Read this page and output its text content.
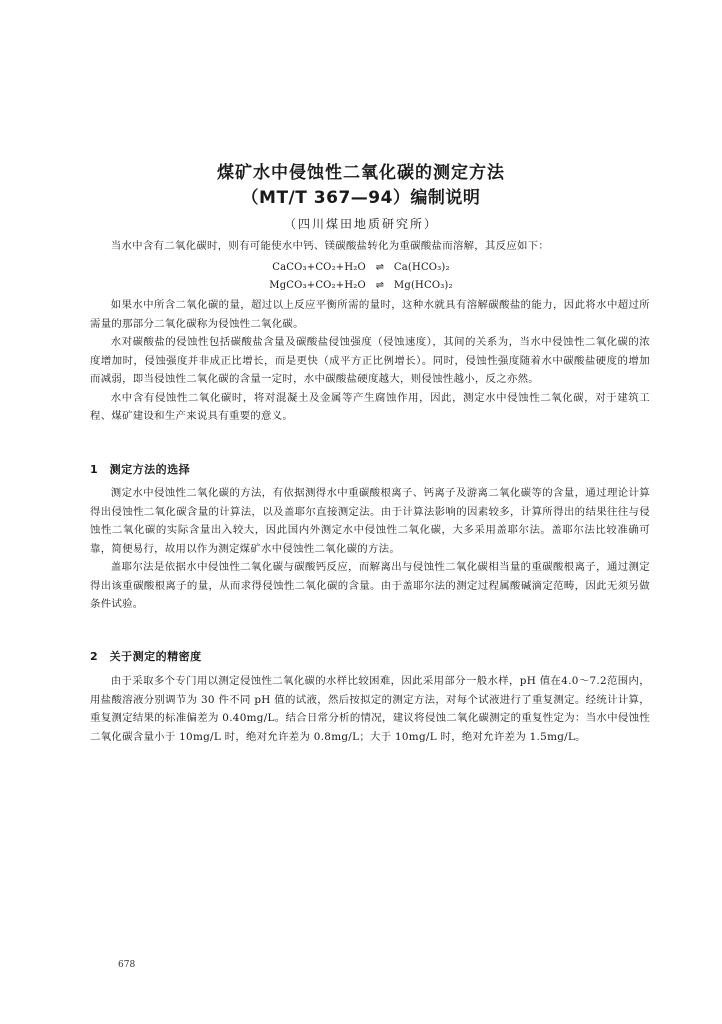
煤矿水中侵蚀性二氧化碳的测定方法
（MT/T 367—94）编制说明
（四川煤田地质研究所）

当水中含有二氧化碳时，则有可能使水中钙、镁碳酸盐转化为重碳酸盐而溶解，其反应如下：

CaCO₃+CO₂+H₂O ⇌ Ca(HCO₃)₂
MgCO₃+CO₂+H₂O ⇌ Mg(HCO₃)₂

如果水中所含二氧化碳的量，超过以上反应平衡所需的量时，这种水就具有溶解碳酸盐的能力，因此将水中超过所需量的那部分二氧化碳称为侵蚀性二氧化碳。

水对碳酸盐的侵蚀性包括碳酸盐含量及碳酸盐侵蚀强度（侵蚀速度），其间的关系为，当水中侵蚀性二氧化碳的浓度增加时，侵蚀强度并非成正比增长，而是更快（成平方正比例增长）。同时，侵蚀性强度随着水中碳酸盐硬度的增加而减弱，即当侵蚀性二氧化碳的含量一定时，水中碳酸盐硬度越大，则侵蚀性越小，反之亦然。

水中含有侵蚀性二氧化碳时，将对混凝土及金属等产生腐蚀作用，因此，测定水中侵蚀性二氧化碳，对于建筑工程、煤矿建设和生产来说具有重要的意义。

1　测定方法的选择

测定水中侵蚀性二氧化碳的方法，有依据测得水中重碳酸根离子、钙离子及游离二氧化碳等的含量，通过理论计算得出侵蚀性二氧化碳含量的计算法，以及盖耶尔直接测定法。由于计算法影响的因素较多，计算所得出的结果往往与侵蚀性二氧化碳的实际含量出入较大，因此国内外测定水中侵蚀性二氧化碳，大多采用盖耶尔法。盖耶尔法比较准确可靠，简便易行，故用以作为测定煤矿水中侵蚀性二氧化碳的方法。

盖耶尔法是依据水中侵蚀性二氧化碳与碳酸钙反应，而解离出与侵蚀性二氧化碳相当量的重碳酸根离子，通过测定得出该重碳酸根离子的量，从而求得侵蚀性二氧化碳的含量。由于盖耶尔法的测定过程属酸碱滴定范畴，因此无须另做条件试验。

2　关于测定的精密度

由于采取多个专门用以测定侵蚀性二氧化碳的水样比较困难，因此采用部分一般水样，pH 值在4.0～7.2范围内，用盐酸溶液分别调节为 30 件不同 pH 值的试液，然后按拟定的测定方法，对每个试液进行了重复测定。经统计计算，重复测定结果的标准偏差为 0.40mg/L。结合日常分析的情况，建议将侵蚀二氧化碳测定的重复性定为：当水中侵蚀性二氧化碳含量小于 10mg/L 时，绝对允许差为 0.8mg/L；大于 10mg/L 时，绝对允许差为 1.5mg/L。

678
